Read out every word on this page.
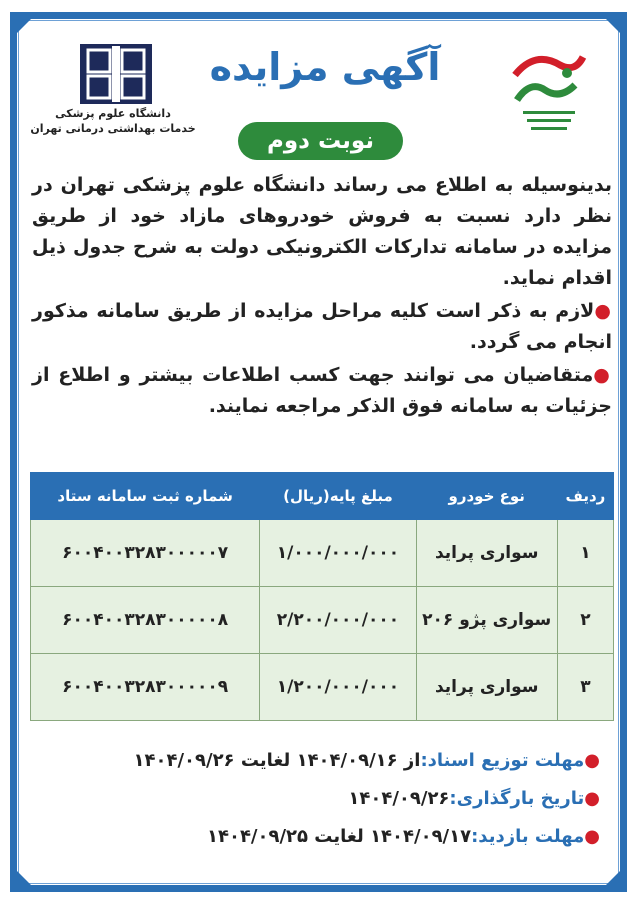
دانشگاه علوم پزشکی
خدمات بهداشتی درمانی تهران
آگهی مزایده
نوبت دوم
بدینوسیله به اطلاع می رساند دانشگاه علوم پزشکی تهران در نظر دارد نسبت به فروش خودروهای مازاد خود از طریق مزایده در سامانه تدارکات الکترونیکی دولت به شرح جدول ذیل اقدام نماید.
●لازم به ذکر است کلیه مراحل مزایده از طریق سامانه مذکور انجام می گردد.
●متقاضیان می توانند جهت کسب اطلاعات بیشتر و اطلاع از جزئیات به سامانه فوق الذکر مراجعه نمایند.
ردیف	نوع خودرو	مبلغ پایه(ریال)	شماره ثبت سامانه ستاد
۱	سواری پراید	۱/۰۰۰/۰۰۰/۰۰۰	۶۰۰۴۰۰۳۲۸۳۰۰۰۰۰۷
۲	سواری پژو ۲۰۶	۲/۲۰۰/۰۰۰/۰۰۰	۶۰۰۴۰۰۳۲۸۳۰۰۰۰۰۸
۳	سواری پراید	۱/۲۰۰/۰۰۰/۰۰۰	۶۰۰۴۰۰۳۲۸۳۰۰۰۰۰۹
●مهلت توزیع اسناد:از ۱۴۰۴/۰۹/۱۶ لغایت ۱۴۰۴/۰۹/۲۶
●تاریخ بارگذاری:۱۴۰۴/۰۹/۲۶
●مهلت بازدید:۱۴۰۴/۰۹/۱۷ لغایت ۱۴۰۴/۰۹/۲۵
